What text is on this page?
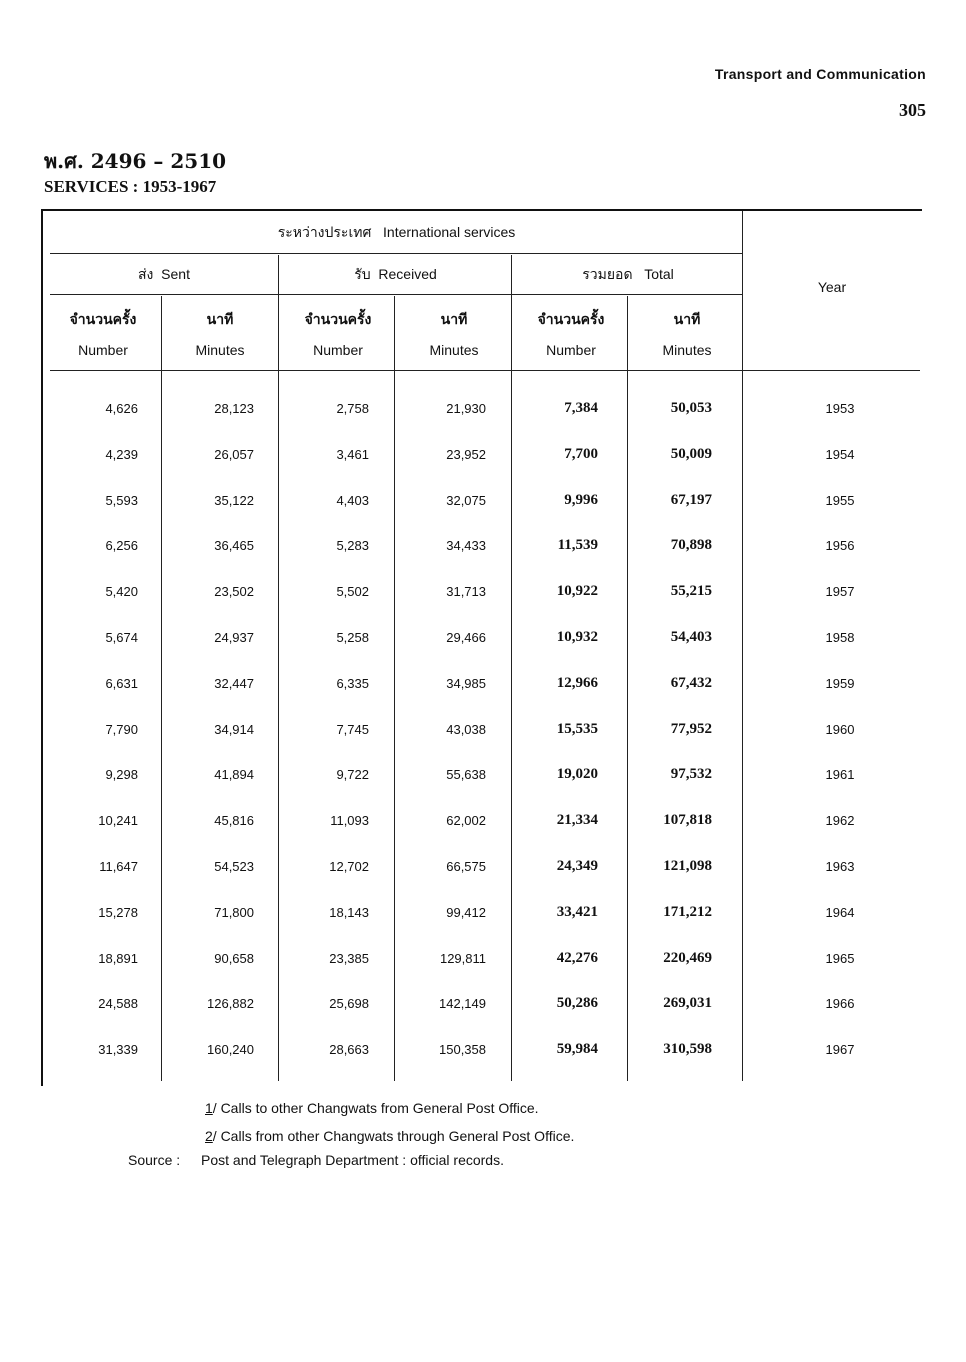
Transport and Communication
305
พ.ศ. 2496 – 2510
SERVICES : 1953-1967
ระหว่างประเทศ International services
ส่ง Sent	รับ Received	รวมยอด Total
Year
จำนวนครั้ง
Number
นาที
Minutes
จำนวนครั้ง
Number
นาที
Minutes
จำนวนครั้ง
Number
นาที
Minutes
4,626	28,123	2,758	21,930	7,384	50,053	1953
4,239	26,057	3,461	23,952	7,700	50,009	1954
5,593	35,122	4,403	32,075	9,996	67,197	1955
6,256	36,465	5,283	34,433	11,539	70,898	1956
5,420	23,502	5,502	31,713	10,922	55,215	1957
5,674	24,937	5,258	29,466	10,932	54,403	1958
6,631	32,447	6,335	34,985	12,966	67,432	1959
7,790	34,914	7,745	43,038	15,535	77,952	1960
9,298	41,894	9,722	55,638	19,020	97,532	1961
10,241	45,816	11,093	62,002	21,334	107,818	1962
11,647	54,523	12,702	66,575	24,349	121,098	1963
15,278	71,800	18,143	99,412	33,421	171,212	1964
18,891	90,658	23,385	129,811	42,276	220,469	1965
24,588	126,882	25,698	142,149	50,286	269,031	1966
31,339	160,240	28,663	150,358	59,984	310,598	1967
1/ Calls to other Changwats from General Post Office.
2/ Calls from other Changwats through General Post Office.
Source : Post and Telegraph Department : official records.
